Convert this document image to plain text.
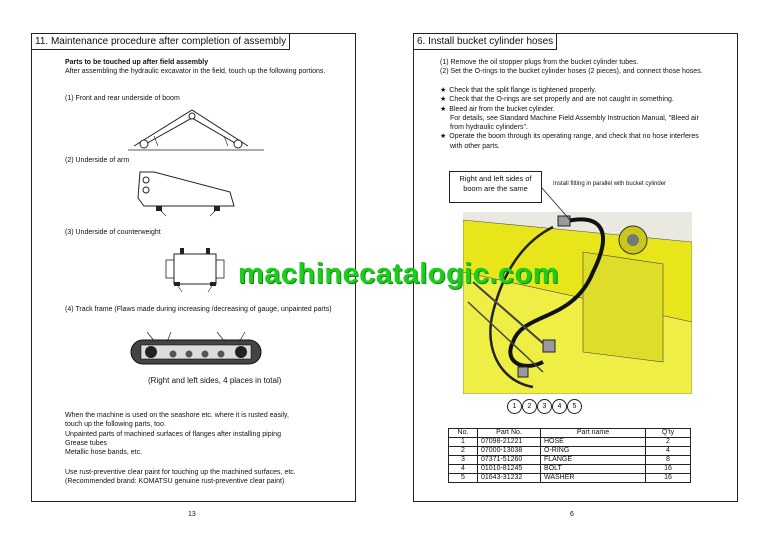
11. Maintenance procedure after completion of assembly
Parts to be touched up after field assembly
After assembling the hydraulic excavator in the field, touch up the following portions.
(1) Front and rear underside of boom
(2) Underside of arm
(3) Underside of counterweight
(4) Track frame (Flaws made during increasing /decreasing of gauge, unpainted parts)
(Right and left sides, 4 places in total)
When the machine is used on the seashore etc. where it is rusted easily,
touch up the following parts, too.
Unpainted parts of machined surfaces of flanges after installing piping
Grease tubes
Metallic hose bands, etc.
Use rust-preventive clear paint for touching up the machined surfaces, etc.
(Recommended brand: KOMATSU genuine rust-preventive clear paint)
13
6. Install bucket cylinder hoses
(1) Remove the oil stopper plugs from the bucket cylinder tubes.
(2) Set the O-rings to the bucket cylinder hoses (2 pieces), and connect those hoses.
★ Check that the split flange is tightened properly.
★ Check that the O-rings are set properly and are not caught in something.
★ Bleed air from the bucket cylinder.
For details, see Standard Machine Field Assembly Instruction Manual, "Bleed air
from hydraulic cylinders".
★ Operate the boom through its operating range, and check that no hose interferes
with other parts.
Right and left sides of
boom are the same	Install fitting in parallel with bucket cylinder
1	2	3	4	5
No.	Part No.	Part name	Q'ty
1	07098-21221	HOSE	2
2	07000-13038	O-RING	4
3	07371-51260	FLANGE	8
4	01010-81245	BOLT	16
5	01643-31232	WASHER	16
6
machinecatalogic.com
